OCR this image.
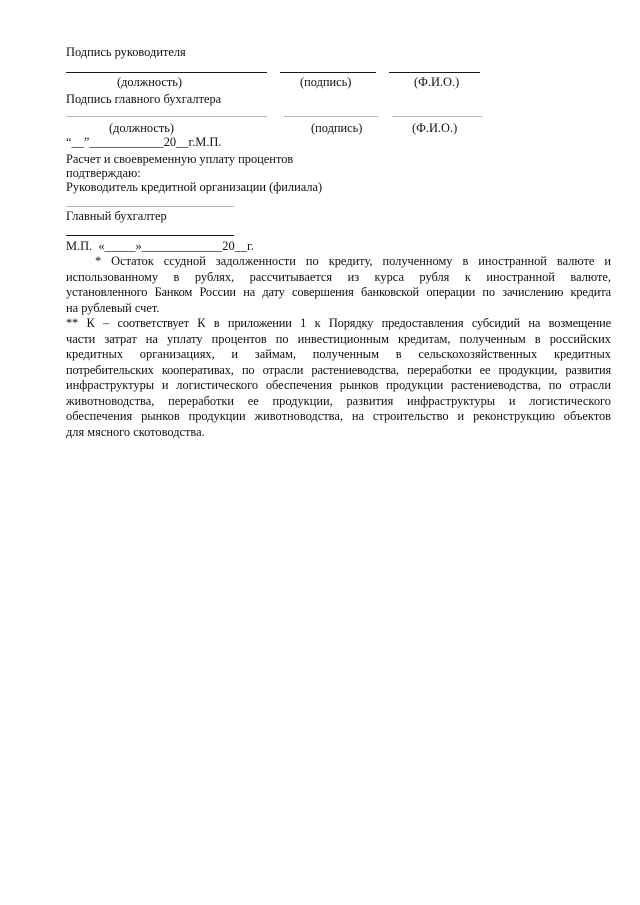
Подпись руководителя
(должность)	(подпись)	(Ф.И.О.)
Подпись главного бухгалтера
(должность)	(подпись)	(Ф.И.О.)
“__”____________20__г.М.П.
Расчет и своевременную уплату процентов
подтверждаю:
Руководитель кредитной организации (филиала)
Главный бухгалтер
М.П.  «_____»_____________20__г.
* Остаток ссудной задолженности по кредиту, полученному в иностранной валюте и
использованному в рублях, рассчитывается из курса рубля к иностранной валюте,
установленного Банком России на дату совершения банковской операции по зачислению кредита
на рублевый счет.
** К – соответствует К в приложении 1 к Порядку предоставления субсидий на возмещение
части затрат на уплату процентов по инвестиционным кредитам, полученным в российских
кредитных организациях, и займам, полученным в сельскохозяйственных кредитных
потребительских кооперативах, по отрасли растениеводства, переработки ее продукции, развития
инфраструктуры и логистического обеспечения рынков продукции растениеводства, по отрасли
животноводства, переработки ее продукции, развития инфраструктуры и логистического
обеспечения рынков продукции животноводства, на строительство и реконструкцию объектов
для мясного скотоводства.
